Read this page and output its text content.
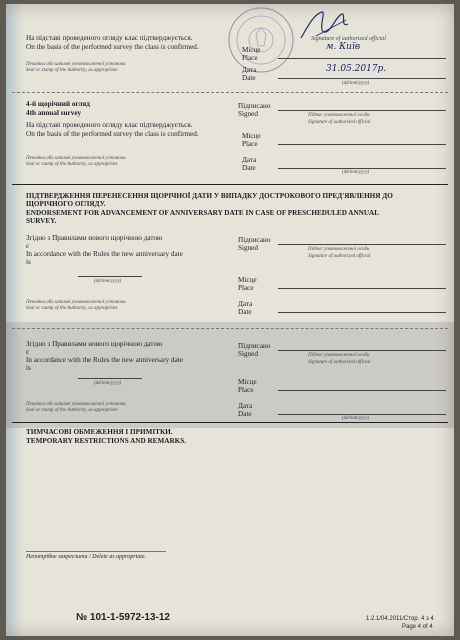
На підставі проведеного огляду клас підтверджується.
On the basis of the performed survey the class is confirmed.	Місце
Place
м. Київ
Signature of authorized official
Печатка або штамп уповноваженої установи
Seal or stamp of the Authority, as appropriate	Дата
Date
31.05.2017р.
(dd/mm/yyyy)
4-й щорічний огляд
4th annual survey
На підставі проведеного огляду клас підтверджується.
On the basis of the performed survey the class is confirmed.
Підписано
Signed	Підпис уповноваженої особи
Signature of authorized official
Місце
Place
Печатка або штамп уповноваженої установи
Seal or stamp of the Authority, as appropriate
Дата
Date
(dd/mm/yyyy)
ПІДТВЕРДЖЕННЯ ПЕРЕНЕСЕННЯ ЩОРІЧНОЇ ДАТИ У ВИПАДКУ ДОСТРОКОВОГО ПРЕД'ЯВЛЕННЯ ДО
ЩОРІЧНОГО ОГЛЯДУ.
ENDORSEMENT FOR ADVANCEMENT OF ANNIVERSARY DATE IN CASE OF PRESCHEDULED ANNUAL
SURVEY.
Згідно з Правилами нового щорічною датою
є
In accordance with the Rules the new anniversary date
is
(dd/mm/yyyy)
Підписано
Signed	Підпис уповноваженої особи
Signature of authorized official
Місце
Place
Печатка або штамп уповноваженої установи
Seal or stamp of the Authority, as appropriate
Дата
Date
Згідно з Правилами нового щорічною датою
є
In accordance with the Rules the new anniversary date
is
(dd/mm/yyyy)
Підписано
Signed	Підпис уповноваженої особи
Signature of authorized official
Місце
Place
Печатка або штамп уповноваженої установи
Seal or stamp of the Authority, as appropriate
Дата
Date
(dd/mm/yyyy)
ТИМЧАСОВІ ОБМЕЖЕННЯ І ПРИМІТКИ.
TEMPORARY RESTRICTIONS AND REMARKS.
Непотрібне закреслити / Delete as appropriate.
№ 101-1-5972-13-12	1.2.1/04.2011/Стор. 4 з 4
Page 4 of 4
